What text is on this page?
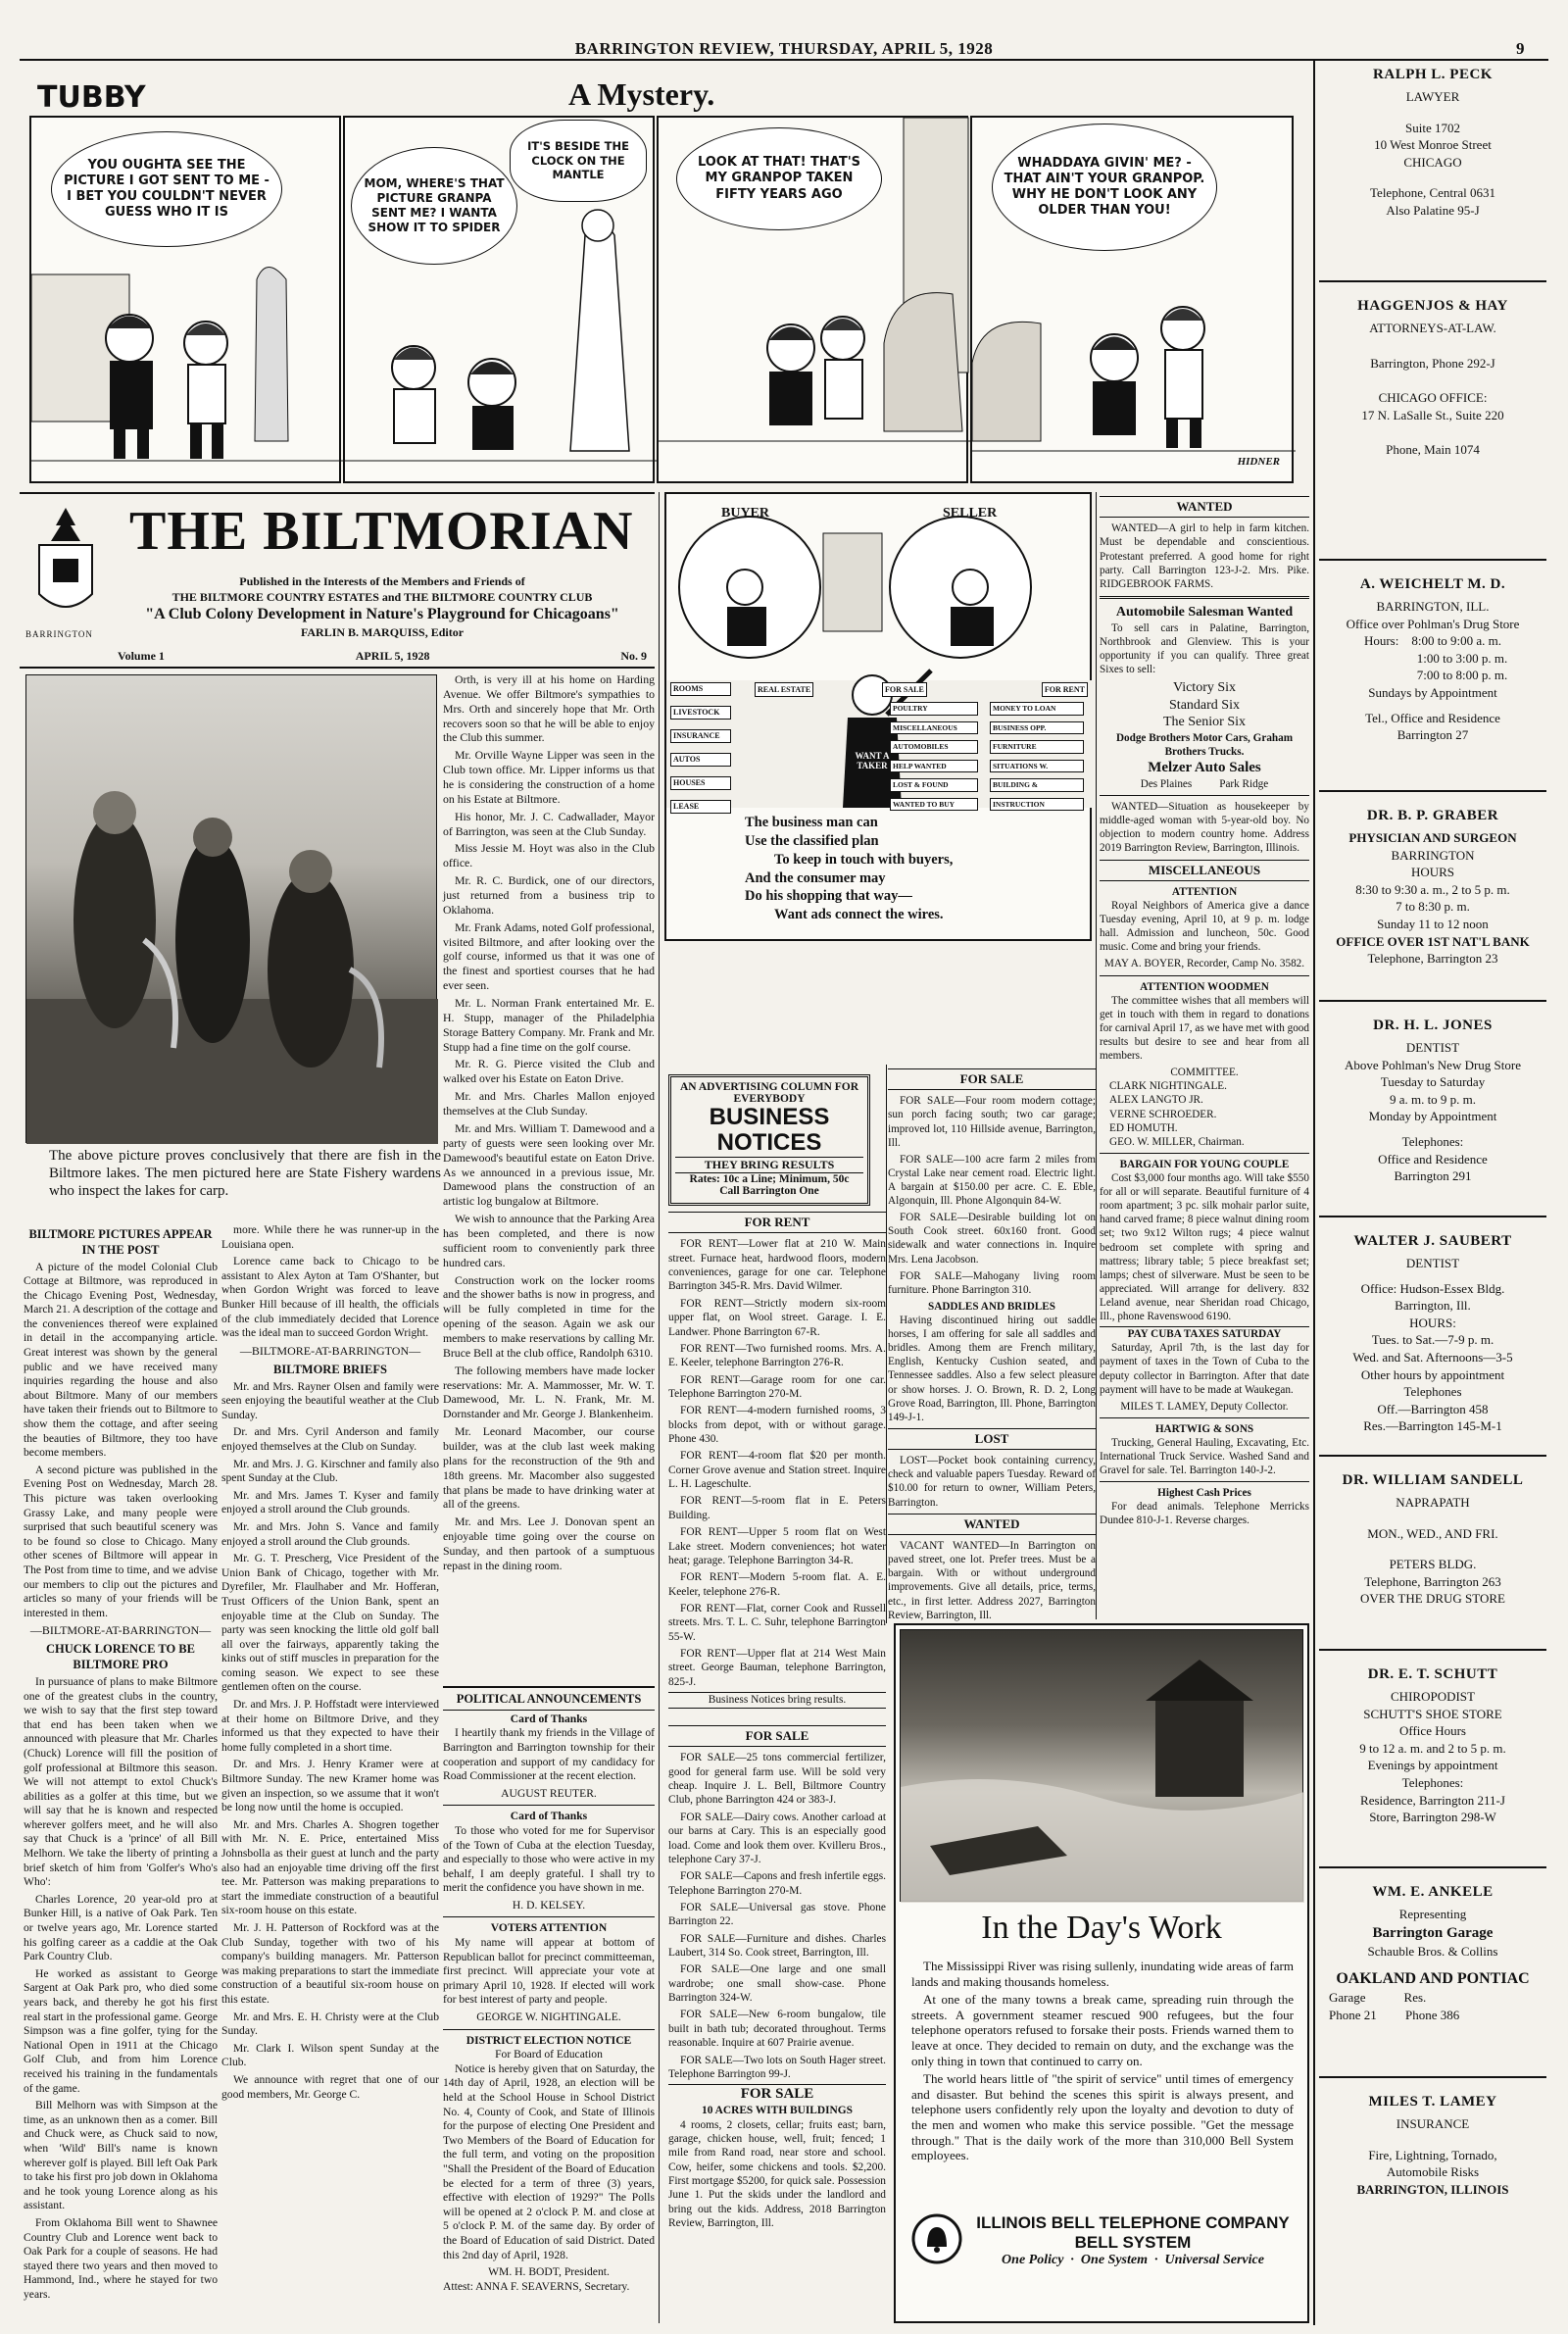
BARRINGTON REVIEW, THURSDAY, APRIL 5, 1928	9
TUBBY	A Mystery.
YOU OUGHTA SEE THE PICTURE I GOT SENT TO ME - I BET YOU COULDN'T NEVER GUESS WHO IT IS
MOM, WHERE'S THAT PICTURE GRANPA SENT ME? I WANTA SHOW IT TO SPIDER
IT'S BESIDE THE CLOCK ON THE MANTLE
LOOK AT THAT! THAT'S MY GRANPOP TAKEN FIFTY YEARS AGO
WHADDAYA GIVIN' ME? - THAT AIN'T YOUR GRANPOP. WHY HE DON'T LOOK ANY OLDER THAN YOU!
HIDNER
BARRINGTON
THE BILTMORIAN
Published in the Interests of the Members and Friends of
THE BILTMORE COUNTRY ESTATES and THE BILTMORE COUNTRY CLUB
"A Club Colony Development in Nature's Playground for Chicagoans"
FARLIN B. MARQUISS, Editor
Volume 1	APRIL 5, 1928	No. 9
The above picture proves conclusively that there are fish in the Biltmore lakes. The men pictured here are State Fishery wardens who inspect the lakes for carp.
BILTMORE PICTURES APPEAR IN THE POST

A picture of the model Colonial Club Cottage at Biltmore, was reproduced in the Chicago Evening Post, Wednesday, March 21. A description of the cottage and the conveniences thereof were explained in detail in the accompanying article. Great interest was shown by the general public and we have received many inquiries regarding the house and also about Biltmore. Many of our members have taken their friends out to Biltmore to show them the cottage, and after seeing the beauties of Biltmore, they too have become members.

A second picture was published in the Evening Post on Wednesday, March 28. This picture was taken overlooking Grassy Lake, and many people were surprised that such beautiful scenery was to be found so close to Chicago. Many other scenes of Biltmore will appear in The Post from time to time, and we advise our members to clip out the pictures and articles so many of your friends will be interested in them.

—BILTMORE-AT-BARRINGTON—
CHUCK LORENCE TO BE BILTMORE PRO

In pursuance of plans to make Biltmore one of the greatest clubs in the country, we wish to say that the first step toward that end has been taken when we announced with pleasure that Mr. Charles (Chuck) Lorence will fill the position of golf professional at Biltmore this season. We will not attempt to extol Chuck's abilities as a golfer at this time, but we will say that he is known and respected wherever golfers meet, and he will also say that Chuck is a 'prince' of all Bill Melhorn. We take the liberty of printing a brief sketch of him from 'Golfer's Who's Who':

Charles Lorence, 20 year-old pro at Bunker Hill, is a native of Oak Park. Ten or twelve years ago, Mr. Lorence started his golfing career as a caddie at the Oak Park Country Club.

He worked as assistant to George Sargent at Oak Park pro, who died some years back, and thereby he got his first real start in the professional game. George Simpson was a fine golfer, tying for the National Open in 1911 at the Chicago Golf Club, and from him Lorence received his training in the fundamentals of the game.

Bill Melhorn was with Simpson at the time, as an unknown then as a comer. Bill and Chuck were, as Chuck said to now, when 'Wild' Bill's name is known wherever golf is played. Bill left Oak Park to take his first pro job down in Oklahoma and he took young Lorence along as his assistant.

From Oklahoma Bill went to Shawnee Country Club and Lorence went back to Oak Park for a couple of seasons. He had stayed there two years and then moved to Hammond, Ind., where he stayed for two years.

more. While there he was runner-up in the Louisiana open.

Lorence came back to Chicago to be assistant to Alex Ayton at Tam O'Shanter, but when Gordon Wright was forced to leave Bunker Hill because of ill health, the officials of the club immediately decided that Lorence was the ideal man to succeed Gordon Wright.

—BILTMORE-AT-BARRINGTON—
BILTMORE BRIEFS

Mr. and Mrs. Rayner Olsen and family were seen enjoying the beautiful weather at the Club Sunday.

Dr. and Mrs. Cyril Anderson and family enjoyed themselves at the Club on Sunday.

Mr. and Mrs. J. G. Kirschner and family also spent Sunday at the Club.

Mr. and Mrs. James T. Kyser and family enjoyed a stroll around the Club grounds.

Mr. and Mrs. John S. Vance and family enjoyed a stroll around the Club grounds.

Mr. G. T. Prescherg, Vice President of the Union Bank of Chicago, together with Mr. Dyrefiler, Mr. Flaulhaber and Mr. Hofferan, Trust Officers of the Union Bank, spent an enjoyable time at the Club on Sunday. The party was seen knocking the little old golf ball all over the fairways, apparently taking the kinks out of stiff muscles in preparation for the coming season. We expect to see these gentlemen often on the course.

Dr. and Mrs. J. P. Hoffstadt were interviewed at their home on Biltmore Drive, and they informed us that they expected to have their home fully completed in a short time.

Dr. and Mrs. J. Henry Kramer were at Biltmore Sunday. The new Kramer home was given an inspection, so we assume that it won't be long now until the home is occupied.

Mr. and Mrs. Charles A. Shogren together with Mr. N. E. Price, entertained Miss Johnsbolla as their guest at lunch and the party also had an enjoyable time driving off the first tee. Mr. Patterson was making preparations to start the immediate construction of a beautiful six-room house on this estate.

Mr. J. H. Patterson of Rockford was at the Club Sunday, together with two of his company's building managers. Mr. Patterson was making preparations to start the immediate construction of a beautiful six-room house on this estate.

Mr. and Mrs. E. H. Christy were at the Club Sunday.

Mr. Clark I. Wilson spent Sunday at the Club.

We announce with regret that one of our good members, Mr. George C.

Orth, is very ill at his home on Harding Avenue. We offer Biltmore's sympathies to Mrs. Orth and sincerely hope that Mr. Orth recovers soon so that he will be able to enjoy the Club this summer.

Mr. Orville Wayne Lipper was seen in the Club town office. Mr. Lipper informs us that he is considering the construction of a home on his Estate at Biltmore.

His honor, Mr. J. C. Cadwallader, Mayor of Barrington, was seen at the Club Sunday.

Miss Jessie M. Hoyt was also in the Club office.

Mr. R. C. Burdick, one of our directors, just returned from a business trip to Oklahoma.

Mr. Frank Adams, noted Golf professional, visited Biltmore, and after looking over the golf course, informed us that it was one of the finest and sportiest courses that he had ever seen.

Mr. L. Norman Frank entertained Mr. E. H. Stupp, manager of the Philadelphia Storage Battery Company. Mr. Frank and Mr. Stupp had a fine time on the golf course.

Mr. R. G. Pierce visited the Club and walked over his Estate on Eaton Drive.

Mr. and Mrs. Charles Mallon enjoyed themselves at the Club Sunday.

Mr. and Mrs. William T. Damewood and a party of guests were seen looking over Mr. Damewood's beautiful estate on Eaton Drive. As we announced in a previous issue, Mr. Damewood plans the construction of an artistic log bungalow at Biltmore.

We wish to announce that the Parking Area has been completed, and there is now sufficient room to conveniently park three hundred cars.

Construction work on the locker rooms and the shower baths is now in progress, and will be fully completed in time for the opening of the season. Again we ask our members to make reservations by calling Mr. Bruce Bell at the club office, Randolph 6310.

The following members have made locker reservations: Mr. A. Mammosser, Mr. W. T. Damewood, Mr. L. N. Frank, Mr. M. Dornstander and Mr. George J. Blankenheim.

Mr. Leonard Macomber, our course builder, was at the club last week making plans for the reconstruction of the 9th and 18th greens. Mr. Macomber also suggested that plans be made to have drinking water at all of the greens.

Mr. and Mrs. Lee J. Donovan spent an enjoyable time going over the course on Sunday, and then partook of a sumptuous repast in the dining room.

POLITICAL ANNOUNCEMENTS
Card of Thanks

I heartily thank my friends in the Village of Barrington and Barrington township for their cooperation and support of my candidacy for Road Commissioner at the recent election.

AUGUST REUTER.
Card of Thanks

To those who voted for me for Supervisor of the Town of Cuba at the election Tuesday, and especially to those who were active in my behalf, I am deeply grateful. I shall try to merit the confidence you have shown in me.

H. D. KELSEY.
VOTERS ATTENTION

My name will appear at bottom of Republican ballot for precinct committeeman, first precinct. Will appreciate your vote at primary April 10, 1928. If elected will work for best interest of party and people.

GEORGE W. NIGHTINGALE.
DISTRICT ELECTION NOTICE
For Board of Education

Notice is hereby given that on Saturday, the 14th day of April, 1928, an election will be held at the School House in School District No. 4, County of Cook, and State of Illinois for the purpose of electing One President and Two Members of the Board of Education for the full term, and voting on the proposition "Shall the President of the Board of Education be elected for a term of three (3) years, effective with election of 1929?" The Polls will be opened at 2 o'clock P. M. and close at 5 o'clock P. M. of the same day. By order of the Board of Education of said District. Dated this 2nd day of April, 1928.

WM. H. BODT, President.
Attest: ANNA F. SEAVERNS, Secretary.
BUYER	SELLER
ROOMS
LIVESTOCK
INSURANCE
AUTOS
HOUSES
LEASE
REAL ESTATE	FOR SALE	FOR RENT
POULTRY
MISCELLANEOUS
AUTOMOBILES
HELP WANTED
LOST & FOUND
WANTED TO BUY
MONEY TO LOAN
BUSINESS OPP.
FURNITURE
SITUATIONS W.
BUILDING &
INSTRUCTION
WANT A TAKER
The business man can
Use the classified plan
To keep in touch with buyers,
And the consumer may
Do his shopping that way—
Want ads connect the wires.
AN ADVERTISING COLUMN FOR EVERYBODY
BUSINESS NOTICES
THEY BRING RESULTS
Rates: 10c a Line; Minimum, 50c
Call Barrington One
FOR RENT

FOR RENT—Lower flat at 210 W. Main street. Furnace heat, hardwood floors, modern conveniences, garage for one car. Telephone Barrington 345-R. Mrs. David Wilmer.

FOR RENT—Strictly modern six-room upper flat, on Wool street. Garage. I. E. Landwer. Phone Barrington 67-R.

FOR RENT—Two furnished rooms. Mrs. A. E. Keeler, telephone Barrington 276-R.

FOR RENT—Garage room for one car. Telephone Barrington 270-M.

FOR RENT—4-modern furnished rooms, 3 blocks from depot, with or without garage. Phone 430.

FOR RENT—4-room flat $20 per month. Corner Grove avenue and Station street. Inquire L. H. Lageschulte.

FOR RENT—5-room flat in E. Peters Building.

FOR RENT—Upper 5 room flat on West Lake street. Modern conveniences; hot water heat; garage. Telephone Barrington 34-R.

FOR RENT—Modern 5-room flat. A. E. Keeler, telephone 276-R.

FOR RENT—Flat, corner Cook and Russell streets. Mrs. T. L. C. Suhr, telephone Barrington 55-W.

FOR RENT—Upper flat at 214 West Main street. George Bauman, telephone Barrington, 825-J.

Business Notices bring results.
FOR SALE

FOR SALE—25 tons commercial fertilizer, good for general farm use. Will be sold very cheap. Inquire J. L. Bell, Biltmore Country Club, phone Barrington 424 or 383-J.

FOR SALE—Dairy cows. Another carload at our barns at Cary. This is an especially good load. Come and look them over. Kvilleru Bros., telephone Cary 37-J.

FOR SALE—Capons and fresh infertile eggs. Telephone Barrington 270-M.

FOR SALE—Universal gas stove. Phone Barrington 22.

FOR SALE—Furniture and dishes. Charles Laubert, 314 So. Cook street, Barrington, Ill.

FOR SALE—One large and one small wardrobe; one small show-case. Phone Barrington 324-W.

FOR SALE—New 6-room bungalow, tile built in bath tub; decorated throughout. Terms reasonable. Inquire at 607 Prairie avenue.

FOR SALE—Two lots on South Hager street. Telephone Barrington 99-J.

FOR SALE
10 ACRES WITH BUILDINGS

4 rooms, 2 closets, cellar; fruits east; barn, garage, chicken house, well, fruit; fenced; 1 mile from Rand road, near store and school. Cow, heifer, some chickens and tools. $2,200. First mortgage $5200, for quick sale. Possession June 1. Put the skids under the landlord and bring out the kids. Address, 2018 Barrington Review, Barrington, Ill.

FOR SALE

FOR SALE—Four room modern cottage; sun porch facing south; two car garage; improved lot, 110 Hillside avenue, Barrington, Ill.

FOR SALE—100 acre farm 2 miles from Crystal Lake near cement road. Electric light. A bargain at $150.00 per acre. C. E. Eble, Algonquin, Ill. Phone Algonquin 84-W.

FOR SALE—Desirable building lot on South Cook street. 60x160 front. Good sidewalk and water connections in. Inquire Mrs. Lena Jacobson.

FOR SALE—Mahogany living room furniture. Phone Barrington 310.

SADDLES AND BRIDLES

Having discontinued hiring out saddle horses, I am offering for sale all saddles and bridles. Among them are French military, English, Kentucky Cushion seated, and Tennessee saddles. Also a few select pleasure or show horses. J. O. Brown, R. D. 2, Long Grove Road, Barrington, Ill. Phone, Barrington 149-J-1.

LOST

LOST—Pocket book containing currency, check and valuable papers Tuesday. Reward of $10.00 for return to owner, William Peters, Barrington.

WANTED

VACANT WANTED—In Barrington on paved street, one lot. Prefer trees. Must be a bargain. With or without underground improvements. Give all details, price, terms, etc., in first letter. Address 2027, Barrington Review, Barrington, Ill.

WANTED

WANTED—A girl to help in farm kitchen. Must be dependable and conscientious. Protestant preferred. A good home for right party. Call Barrington 123-J-2. Mrs. Pike. RIDGEBROOK FARMS.

Automobile Salesman Wanted

To sell cars in Palatine, Barrington, Northbrook and Glenview. This is your opportunity if you can qualify. Three great Sixes to sell:

Victory Six
Standard Six
The Senior Six
Dodge Brothers Motor Cars, Graham Brothers Trucks.
Melzer Auto Sales
Des Plaines          Park Ridge

WANTED—Situation as housekeeper by middle-aged woman with 5-year-old boy. No objection to modern country home. Address 2019 Barrington Review, Barrington, Illinois.

MISCELLANEOUS
ATTENTION

Royal Neighbors of America give a dance Tuesday evening, April 10, at 9 p. m. lodge hall. Admission and luncheon, 50c. Good music. Come and bring your friends.

MAY A. BOYER, Recorder, Camp No. 3582.
ATTENTION WOODMEN

The committee wishes that all members will get in touch with them in regard to donations for carnival April 17, as we have met with good results but desire to see and hear from all members.

COMMITTEE.
CLARK NIGHTINGALE.
ALEX LANGTO JR.
VERNE SCHROEDER.
ED HOMUTH.
GEO. W. MILLER, Chairman.
BARGAIN FOR YOUNG COUPLE

Cost $3,000 four months ago. Will take $550 for all or will separate. Beautiful furniture of 4 room apartment; 3 pc. silk mohair parlor suite, hand carved frame; 8 piece walnut dining room set; two 9x12 Wilton rugs; 4 piece walnut bedroom set complete with spring and mattress; library table; 5 piece breakfast set; lamps; chest of silverware. Must be seen to be appreciated. Will arrange for delivery. 832 Leland avenue, near Sheridan road Chicago, Ill., phone Ravenswood 6190.

PAY CUBA TAXES SATURDAY

Saturday, April 7th, is the last day for payment of taxes in the Town of Cuba to the deputy collector in Barrington. After that date payment will have to be made at Waukegan.

MILES T. LAMEY, Deputy Collector.
HARTWIG & SONS

Trucking, General Hauling, Excavating, Etc. International Truck Service. Washed Sand and Gravel for sale. Tel. Barrington 140-J-2.

Highest Cash Prices

For dead animals. Telephone Merricks Dundee 810-J-1. Reverse charges.

In the Day's Work

The Mississippi River was rising sullenly, inundating wide areas of farm lands and making thousands homeless.

At one of the many towns a break came, spreading ruin through the streets. A government steamer rescued 900 refugees, but the four telephone operators refused to forsake their posts. Friends warned them to leave at once. They decided to remain on duty, and the exchange was the only thing in town that continued to carry on.

The world hears little of "the spirit of service" until times of emergency and disaster. But behind the scenes this spirit is always present, and telephone users confidently rely upon the loyalty and devotion to duty of the men and women who make this service possible. "Get the message through." That is the daily work of the more than 310,000 Bell System employees.

ILLINOIS BELL TELEPHONE COMPANY
BELL SYSTEM
One Policy  ·  One System  ·  Universal Service
RALPH L. PECK
LAWYER
Suite 1702
10 West Monroe Street
CHICAGO
Telephone, Central 0631
Also Palatine 95-J
HAGGENJOS & HAY
ATTORNEYS-AT-LAW.
Barrington, Phone 292-J
CHICAGO OFFICE:
17 N. LaSalle St., Suite 220
Phone, Main 1074
A. WEICHELT M. D.
BARRINGTON, ILL.
Office over Pohlman's Drug Store
Hours:    8:00 to 9:00 a. m.
1:00 to 3:00 p. m.
7:00 to 8:00 p. m.
Sundays by Appointment
Tel., Office and Residence
Barrington 27
DR. B. P. GRABER
PHYSICIAN AND SURGEON
BARRINGTON
HOURS
8:30 to 9:30 a. m., 2 to 5 p. m.
7 to 8:30 p. m.
Sunday 11 to 12 noon
OFFICE OVER 1ST NAT'L BANK
Telephone, Barrington 23
DR. H. L. JONES
DENTIST
Above Pohlman's New Drug Store
Tuesday to Saturday
9 a. m. to 9 p. m.
Monday by Appointment
Telephones:
Office and Residence
Barrington 291
WALTER J. SAUBERT
DENTIST
Office: Hudson-Essex Bldg.
Barrington, Ill.
HOURS:
Tues. to Sat.—7-9 p. m.
Wed. and Sat. Afternoons—3-5
Other hours by appointment
Telephones
Off.—Barrington 458
Res.—Barrington 145-M-1
DR. WILLIAM SANDELL
NAPRAPATH
MON., WED., AND FRI.
PETERS BLDG.
Telephone, Barrington 263
OVER THE DRUG STORE
DR. E. T. SCHUTT
CHIROPODIST
SCHUTT'S SHOE STORE
Office Hours
9 to 12 a. m. and 2 to 5 p. m.
Evenings by appointment
Telephones:
Residence, Barrington 211-J
Store, Barrington 298-W
WM. E. ANKELE
Representing
Barrington Garage
Schauble Bros. & Collins
OAKLAND AND PONTIAC
Garage            Res.
Phone 21         Phone 386
MILES T. LAMEY
INSURANCE
Fire, Lightning, Tornado,
Automobile Risks
BARRINGTON, ILLINOIS
